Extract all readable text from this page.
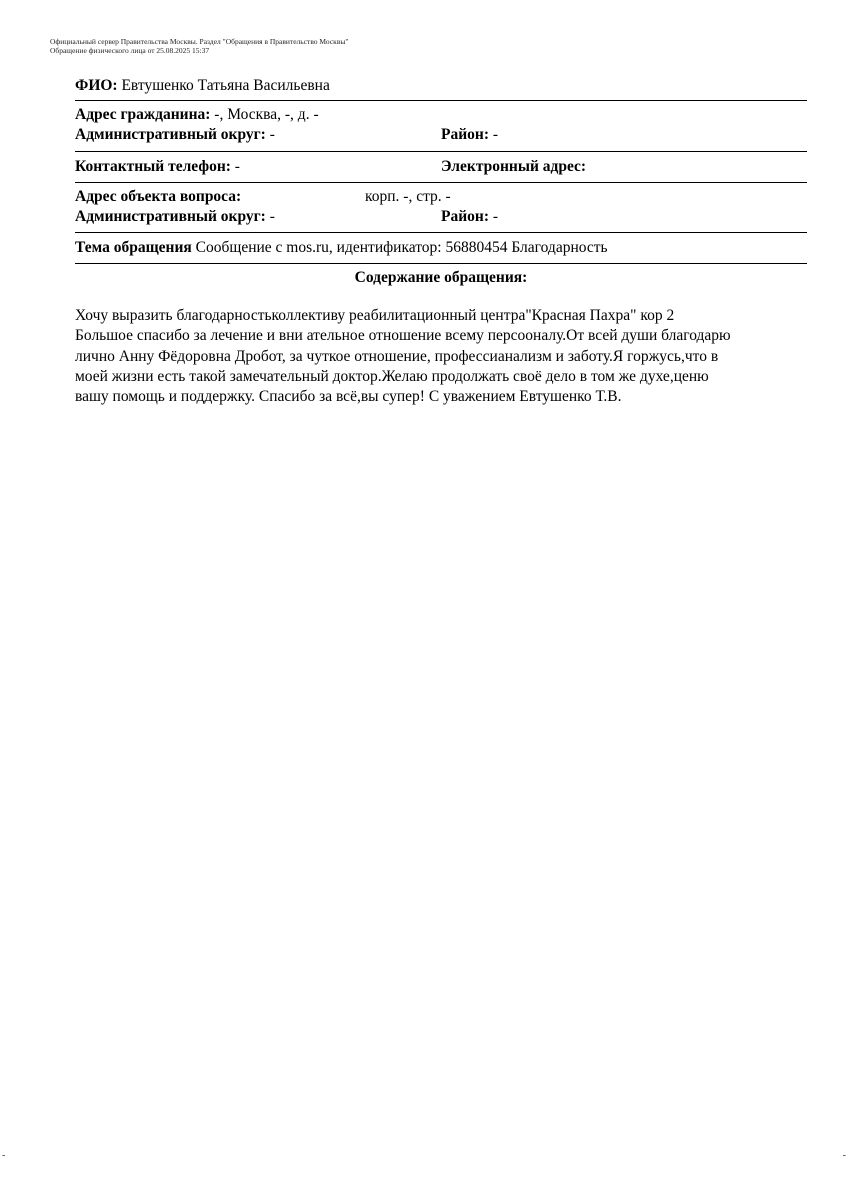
Официальный сервер Правительства Москвы. Раздел "Обращения в Правительство Москвы"
Обращение физического лица от 25.08.2025 15:37
ФИО: Евтушенко Татьяна Васильевна
Адрес гражданина: -, Москва, -, д. -
Административный округ: -	Район: -
Контактный телефон: -	Электронный адрес:
Адрес объекта вопроса:	корп. -, стр. -
Административный округ: -	Район: -
Тема обращения Сообщение с mos.ru, идентификатор: 56880454 Благодарность
Содержание обращения:
Хочу выразить благодарностьколлективу реабилитационный центра"Красная Пахра" кор 2
Большое спасибо за лечение и вни ательное отношение всему персооналу.От всей души благодарю
лично Анну Фёдоровна Дробот, за чуткое отношение, профессианализм и заботу.Я горжусь,что в
моей жизни есть такой замечательный доктор.Желаю продолжать своё дело в том же духе,ценю
вашу помощь и поддержку. Спасибо за всё,вы супер! С уважением Евтушенко Т.В.
-	-
